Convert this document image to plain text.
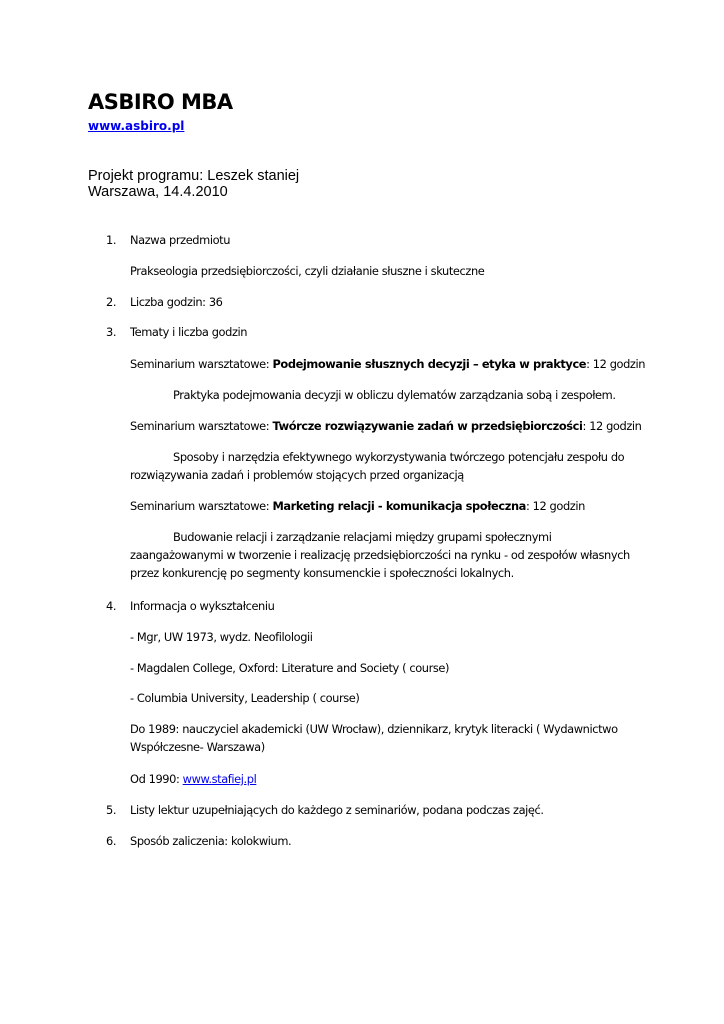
ASBIRO MBA
www.asbiro.pl
Projekt programu: Leszek staniej
Warszawa, 14.4.2010
1. Nazwa przedmiotu
Prakseologia przedsiębiorczości, czyli działanie słuszne i skuteczne
2. Liczba godzin: 36
3. Tematy i liczba godzin
Seminarium warsztatowe: Podejmowanie słusznych decyzji – etyka w praktyce: 12 godzin
Praktyka podejmowania decyzji w obliczu dylematów zarządzania sobą i zespołem.
Seminarium warsztatowe: Twórcze rozwiązywanie zadań w przedsiębiorczości: 12 godzin
Sposoby i narzędzia efektywnego wykorzystywania twórczego potencjału zespołu do rozwiązywania zadań i problemów stojących przed organizacją
Seminarium warsztatowe: Marketing relacji - komunikacja społeczna: 12 godzin
Budowanie relacji i zarządzanie relacjami między grupami społecznymi zaangażowanymi w tworzenie i realizację przedsiębiorczości na rynku - od zespołów własnych przez konkurencję po segmenty konsumenckie i społeczności lokalnych.
4. Informacja o wykształceniu
- Mgr, UW 1973, wydz. Neofilologii
- Magdalen College, Oxford: Literature and Society ( course)
- Columbia University, Leadership ( course)
Do 1989: nauczyciel akademicki (UW Wrocław), dziennikarz, krytyk literacki ( Wydawnictwo Współczesne- Warszawa)
Od 1990: www.stafiej.pl
5. Listy lektur uzupełniających do każdego z seminariów, podana podczas zajęć.
6. Sposób zaliczenia: kolokwium.
